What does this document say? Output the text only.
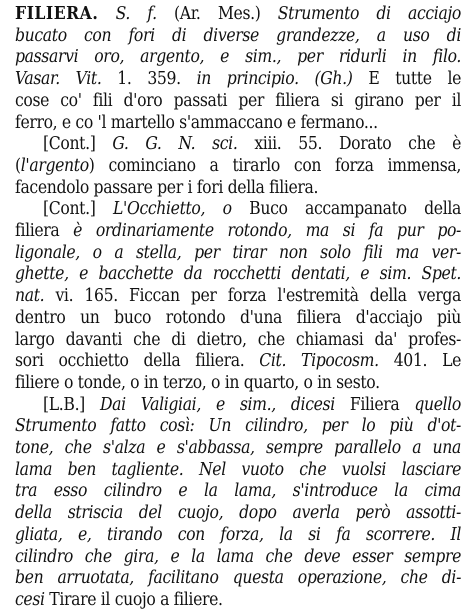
FILIERA. S. f. (Ar. Mes.) Strumento di acciajo
bucato con fori di diverse grandezze, a uso di
passarvi oro, argento, e sim., per ridurli in filo.
Vasar. Vit. 1. 359. in principio. (Gh.) E tutte le
cose co' fili d'oro passati per filiera si girano per il
ferro, e co 'l martello s'ammaccano e fermano...
[Cont.] G. G. N. sci. xiii. 55. Dorato che è
(l'argento) cominciano a tirarlo con forza immensa,
facendolo passare per i fori della filiera.
[Cont.] L'Occhietto, o Buco accampanato della
filiera è ordinariamente rotondo, ma si fa pur po-
ligonale, o a stella, per tirar non solo fili ma ver-
ghette, e bacchette da rocchetti dentati, e sim. Spet.
nat. vi. 165. Ficcan per forza l'estremità della verga
dentro un buco rotondo d'una filiera d'acciajo più
largo davanti che di dietro, che chiamasi da' profes-
sori occhietto della filiera. Cit. Tipocosm. 401. Le
filiere o tonde, o in terzo, o in quarto, o in sesto.
[L.B.] Dai Valigiai, e sim., dicesi Filiera quello
Strumento fatto così: Un cilindro, per lo più d'ot-
tone, che s'alza e s'abbassa, sempre parallelo a una
lama ben tagliente. Nel vuoto che vuolsi lasciare
tra esso cilindro e la lama, s'introduce la cima
della striscia del cuojo, dopo averla però assotti-
gliata, e, tirando con forza, la si fa scorrere. Il
cilindro che gira, e la lama che deve esser sempre
ben arruotata, facilitano questa operazione, che di-
cesi Tirare il cuojo a filiere.
